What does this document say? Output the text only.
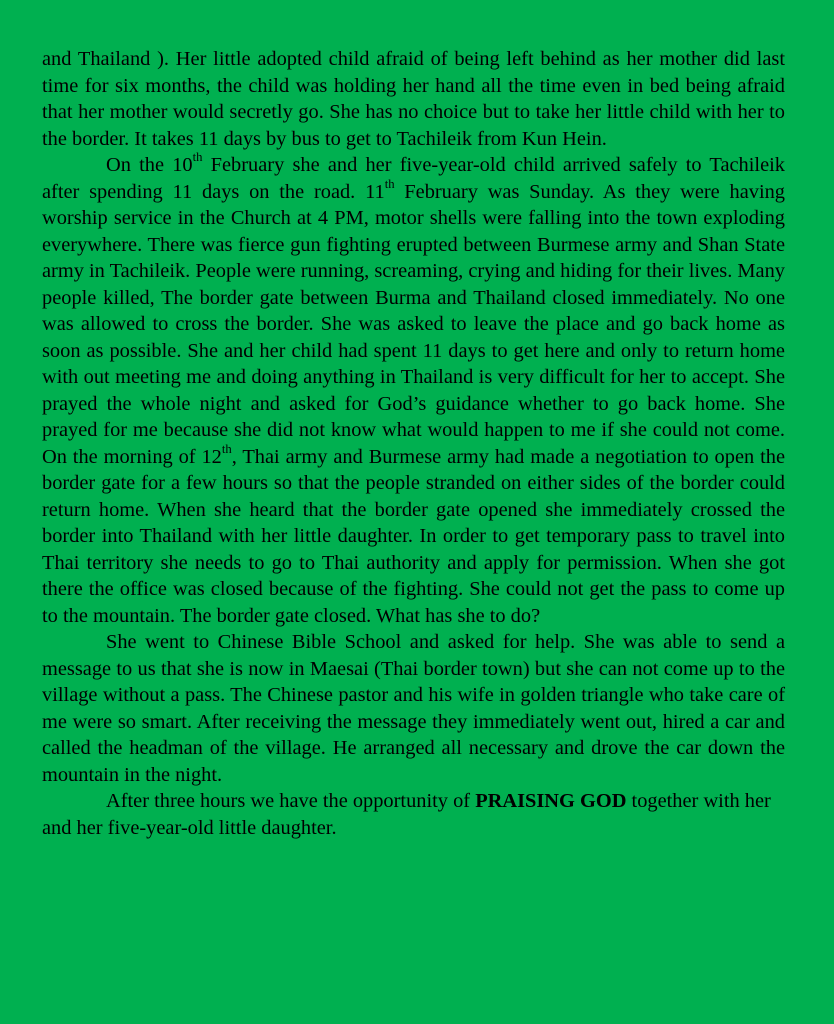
and Thailand ). Her little adopted child afraid of being left behind as her mother did last time for six months, the child was holding her hand all the time even in bed being afraid that her mother would secretly go. She has no choice but to take her little child with her to the border. It takes 11 days by bus to get to Tachileik from Kun Hein.

On the 10th February she and her five-year-old child arrived safely to Tachileik after spending 11 days on the road. 11th February was Sunday. As they were having worship service in the Church at 4 PM, motor shells were falling into the town exploding everywhere. There was fierce gun fighting erupted between Burmese army and Shan State army in Tachileik. People were running, screaming, crying and hiding for their lives. Many people killed, The border gate between Burma and Thailand closed immediately. No one was allowed to cross the border. She was asked to leave the place and go back home as soon as possible. She and her child had spent 11 days to get here and only to return home with out meeting me and doing anything in Thailand is very difficult for her to accept. She prayed the whole night and asked for God’s guidance whether to go back home. She prayed for me because she did not know what would happen to me if she could not come. On the morning of 12th, Thai army and Burmese army had made a negotiation to open the border gate for a few hours so that the people stranded on either sides of the border could return home. When she heard that the border gate opened she immediately crossed the border into Thailand with her little daughter. In order to get temporary pass to travel into Thai territory she needs to go to Thai authority and apply for permission. When she got there the office was closed because of the fighting. She could not get the pass to come up to the mountain. The border gate closed. What has she to do?

She went to Chinese Bible School and asked for help. She was able to send a message to us that she is now in Maesai (Thai border town) but she can not come up to the village without a pass. The Chinese pastor and his wife in golden triangle who take care of me were so smart. After receiving the message they immediately went out, hired a car and called the headman of the village. He arranged all necessary and drove the car down the mountain in the night.
After three hours we have the opportunity of PRAISING GOD together with her and her five-year-old little daughter.
